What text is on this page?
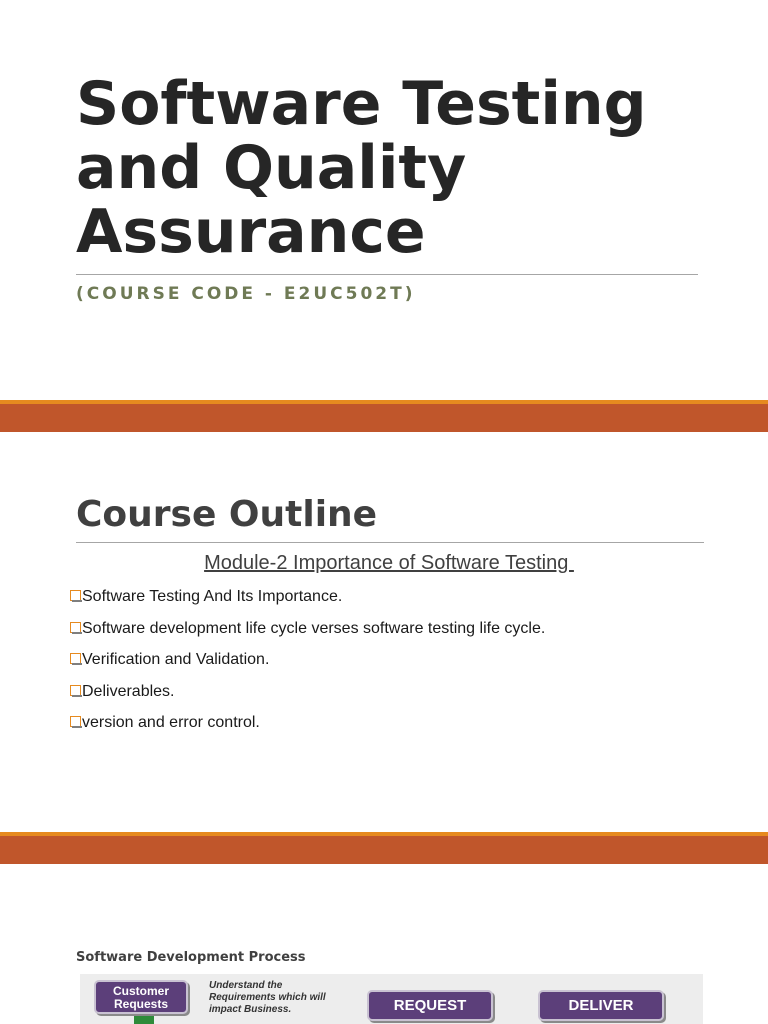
Software Testing and Quality Assurance
(COURSE CODE - E2UC502T)
Course Outline
Module-2 Importance of Software Testing
Software Testing And Its Importance.
Software development life cycle verses software testing life cycle.
Verification and Validation.
Deliverables.
version and error control.
Software Development Process
Customer Requests
Understand the Requirements which will impact Business.	REQUEST	DELIVER
